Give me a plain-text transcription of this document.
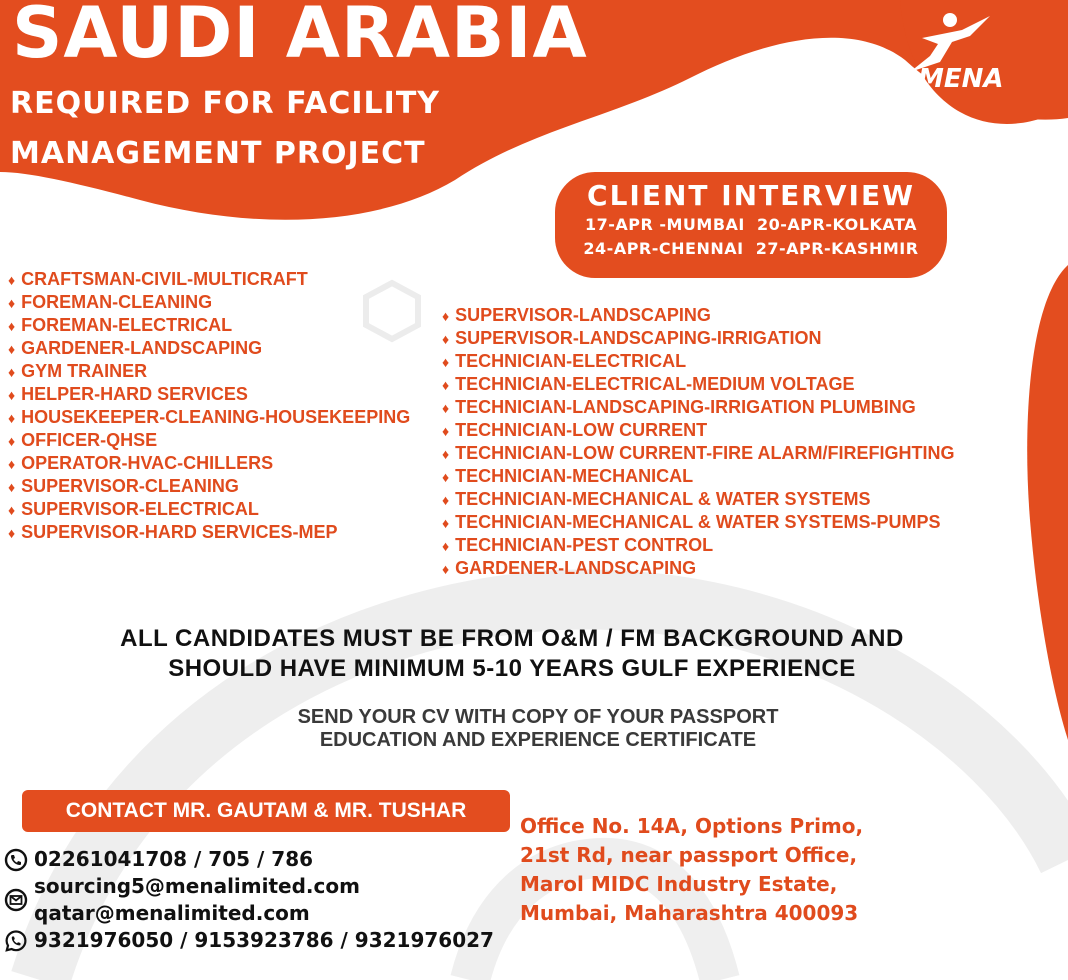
SAUDI ARABIA
REQUIRED FOR FACILITY
MANAGEMENT PROJECT
MENA
CLIENT INTERVIEW
17-APR -MUMBAI  20-APR-KOLKATA
24-APR-CHENNAI  27-APR-KASHMIR
♦ CRAFTSMAN-CIVIL-MULTICRAFT
♦ FOREMAN-CLEANING
♦ FOREMAN-ELECTRICAL
♦ GARDENER-LANDSCAPING
♦ GYM TRAINER
♦ HELPER-HARD SERVICES
♦ HOUSEKEEPER-CLEANING-HOUSEKEEPING
♦ OFFICER-QHSE
♦ OPERATOR-HVAC-CHILLERS
♦ SUPERVISOR-CLEANING
♦ SUPERVISOR-ELECTRICAL
♦ SUPERVISOR-HARD SERVICES-MEP
♦ SUPERVISOR-LANDSCAPING
♦ SUPERVISOR-LANDSCAPING-IRRIGATION
♦ TECHNICIAN-ELECTRICAL
♦ TECHNICIAN-ELECTRICAL-MEDIUM VOLTAGE
♦ TECHNICIAN-LANDSCAPING-IRRIGATION PLUMBING
♦ TECHNICIAN-LOW CURRENT
♦ TECHNICIAN-LOW CURRENT-FIRE ALARM/FIREFIGHTING
♦ TECHNICIAN-MECHANICAL
♦ TECHNICIAN-MECHANICAL & WATER SYSTEMS
♦ TECHNICIAN-MECHANICAL & WATER SYSTEMS-PUMPS
♦ TECHNICIAN-PEST CONTROL
♦ GARDENER-LANDSCAPING
ALL CANDIDATES MUST BE FROM O&M / FM BACKGROUND AND
SHOULD HAVE MINIMUM 5-10 YEARS GULF EXPERIENCE
SEND YOUR CV WITH COPY OF YOUR PASSPORT
EDUCATION AND EXPERIENCE CERTIFICATE
CONTACT MR. GAUTAM & MR. TUSHAR
02261041708 / 705 / 786
sourcing5@menalimited.com
qatar@menalimited.com
9321976050 / 9153923786 / 9321976027
Office No. 14A, Options Primo,
21st Rd, near passport Office,
Marol MIDC Industry Estate,
Mumbai, Maharashtra 400093
